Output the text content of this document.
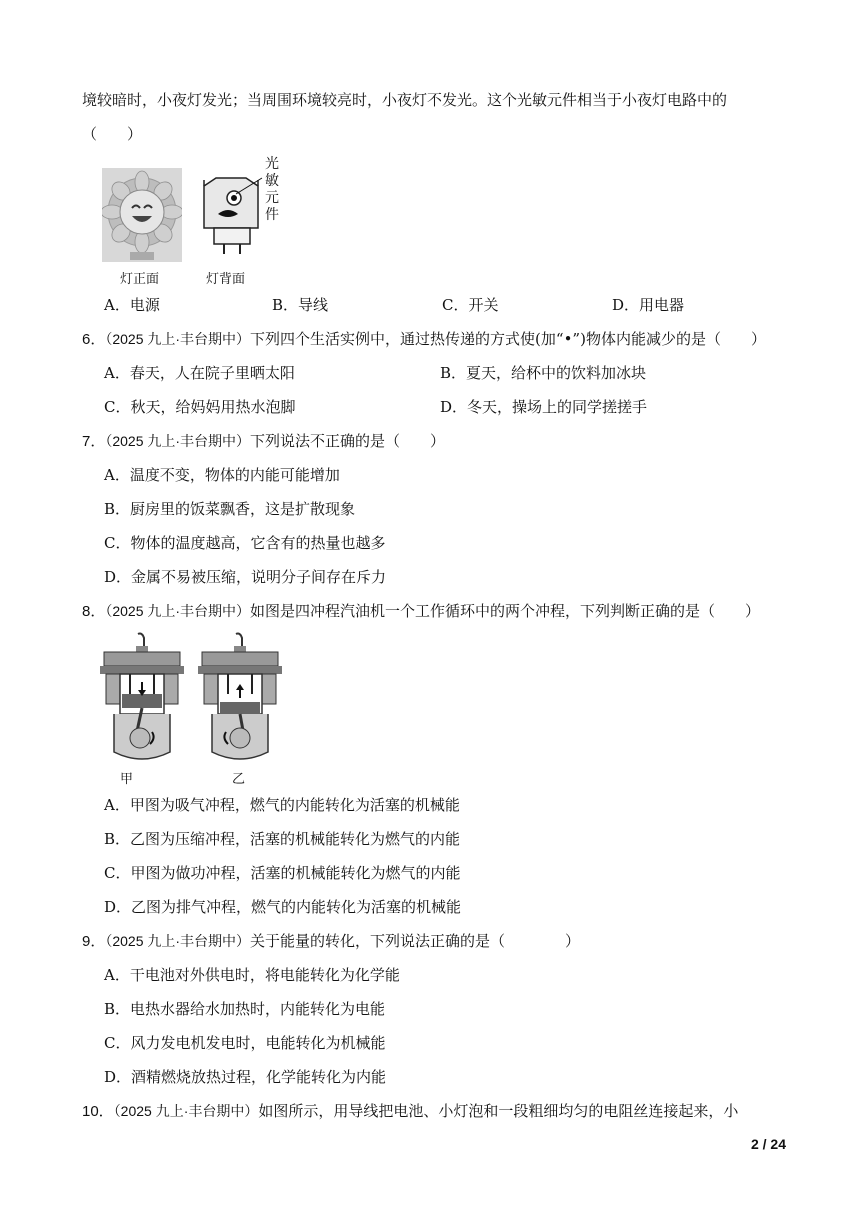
境较暗时，小夜灯发光；当周围环境较亮时，小夜灯不发光。这个光敏元件相当于小夜灯电路中的
（　　）
光
敏
元
件
灯正面	灯背面
A．电源	B．导线	C．开关	D．用电器
6．（2025 九上·丰台期中）下列四个生活实例中，通过热传递的方式使(加“•”)物体内能减少的是（　　）
A．春天，人在院子里晒太阳	B．夏天，给杯中的饮料加冰块
C．秋天，给妈妈用热水泡脚	D．冬天，操场上的同学搓搓手
7．（2025 九上·丰台期中）下列说法不正确的是（　　）
A．温度不变，物体的内能可能增加
B．厨房里的饭菜飘香，这是扩散现象
C．物体的温度越高，它含有的热量也越多
D．金属不易被压缩，说明分子间存在斥力
8．（2025 九上·丰台期中）如图是四冲程汽油机一个工作循环中的两个冲程，下列判断正确的是（　　）
甲	乙
A．甲图为吸气冲程，燃气的内能转化为活塞的机械能
B．乙图为压缩冲程，活塞的机械能转化为燃气的内能
C．甲图为做功冲程，活塞的机械能转化为燃气的内能
D．乙图为排气冲程，燃气的内能转化为活塞的机械能
9．（2025 九上·丰台期中）关于能量的转化，下列说法正确的是（　　　　）
A．干电池对外供电时，将电能转化为化学能
B．电热水器给水加热时，内能转化为电能
C．风力发电机发电时，电能转化为机械能
D．酒精燃烧放热过程，化学能转化为内能
10．（2025 九上·丰台期中）如图所示，用导线把电池、小灯泡和一段粗细均匀的电阻丝连接起来，小
2 / 24
